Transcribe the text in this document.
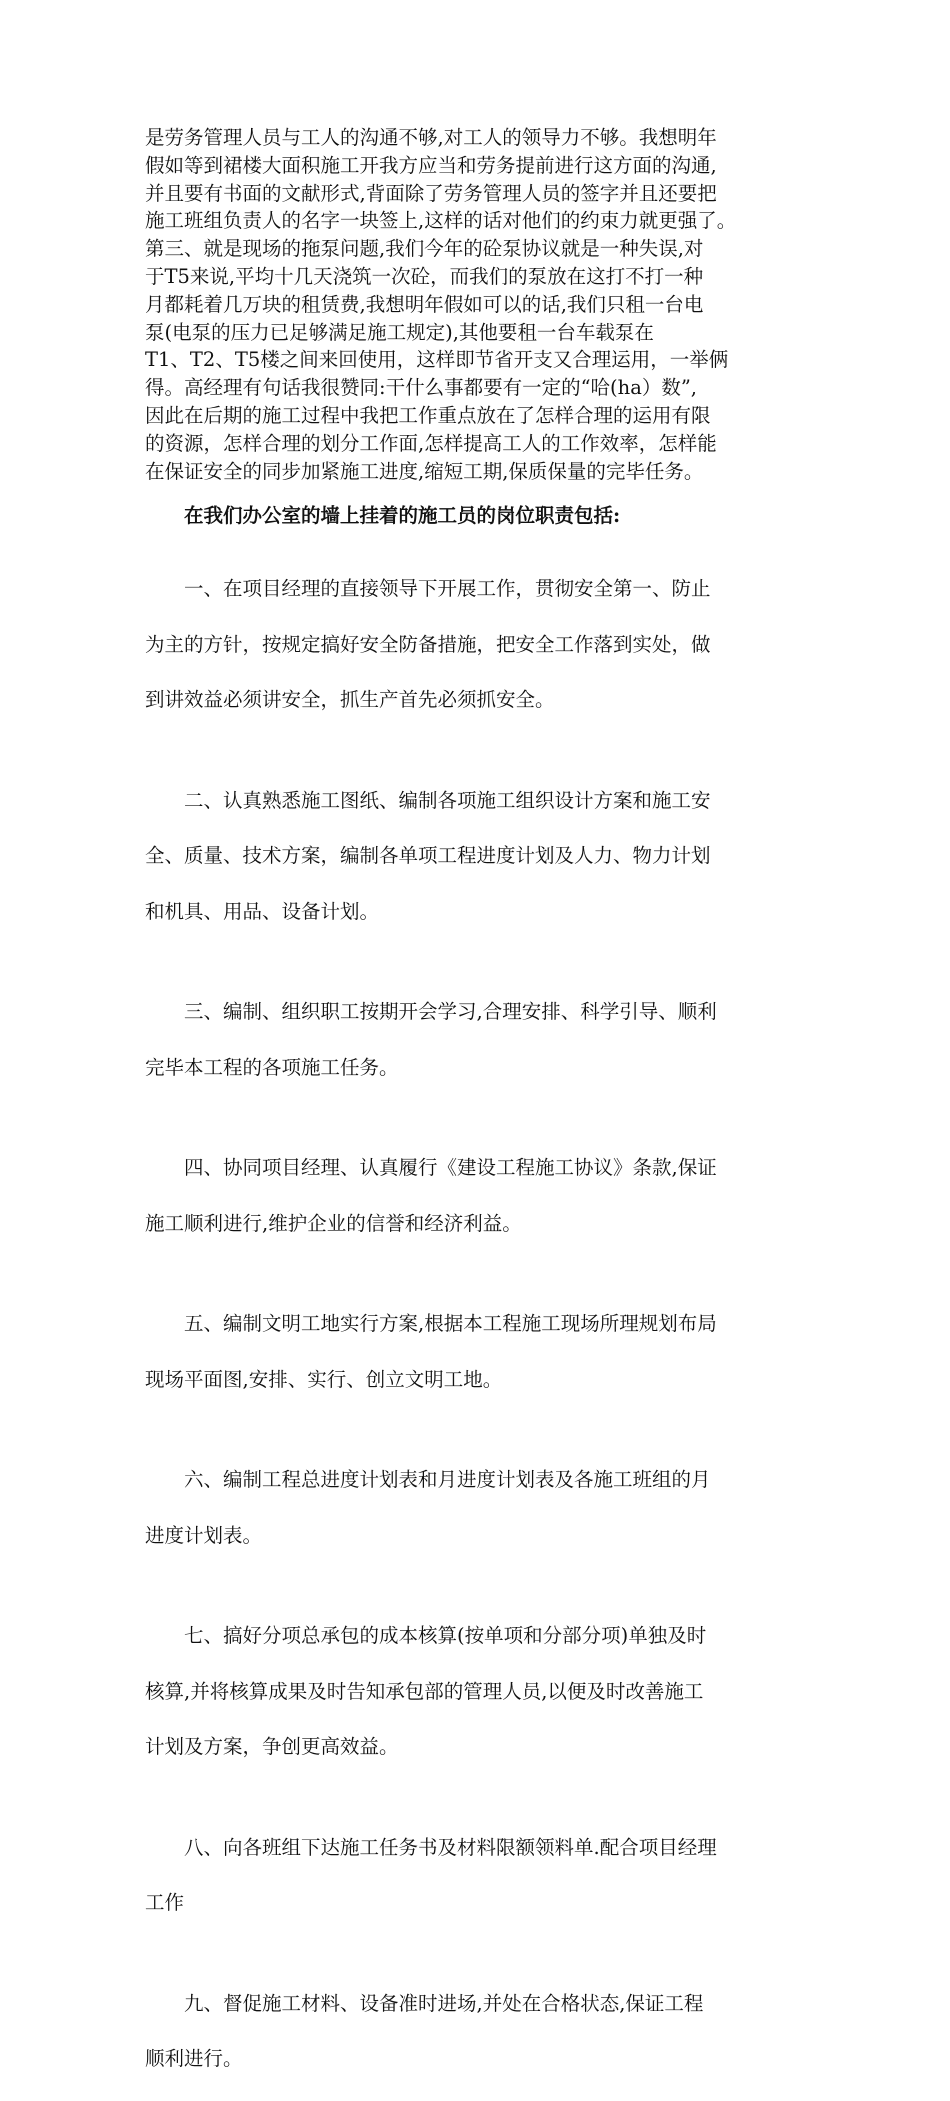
是劳务管理人员与工人的沟通不够,对工人的领导力不够。我想明年
假如等到裙楼大面积施工开我方应当和劳务提前进行这方面的沟通,
并且要有书面的文献形式,背面除了劳务管理人员的签字并且还要把
施工班组负责人的名字一块签上,这样的话对他们的约束力就更强了。
第三、就是现场的拖泵问题,我们今年的砼泵协议就是一种失误,对
于T5来说,平均十几天浇筑一次砼，而我们的泵放在这打不打一种
月都耗着几万块的租赁费,我想明年假如可以的话,我们只租一台电
泵(电泵的压力已足够满足施工规定),其他要租一台车载泵在
T1、T2、T5楼之间来回使用，这样即节省开支又合理运用，一举俩
得。高经理有句话我很赞同:干什么事都要有一定的“哈(ha）数”,
因此在后期的施工过程中我把工作重点放在了怎样合理的运用有限
的资源，怎样合理的划分工作面,怎样提高工人的工作效率，怎样能
在保证安全的同步加紧施工进度,缩短工期,保质保量的完毕任务。
在我们办公室的墙上挂着的施工员的岗位职责包括:

一、在项目经理的直接领导下开展工作，贯彻安全第一、防止

为主的方针，按规定搞好安全防备措施，把安全工作落到实处，做

到讲效益必须讲安全，抓生产首先必须抓安全。

二、认真熟悉施工图纸、编制各项施工组织设计方案和施工安

全、质量、技术方案，编制各单项工程进度计划及人力、物力计划

和机具、用品、设备计划。

三、编制、组织职工按期开会学习,合理安排、科学引导、顺利

完毕本工程的各项施工任务。

四、协同项目经理、认真履行《建设工程施工协议》条款,保证

施工顺利进行,维护企业的信誉和经济利益。

五、编制文明工地实行方案,根据本工程施工现场所理规划布局

现场平面图,安排、实行、创立文明工地。

六、编制工程总进度计划表和月进度计划表及各施工班组的月

进度计划表。

七、搞好分项总承包的成本核算(按单项和分部分项)单独及时

核算,并将核算成果及时告知承包部的管理人员,以便及时改善施工

计划及方案，争创更高效益。

八、向各班组下达施工任务书及材料限额领料单.配合项目经理

工作

九、督促施工材料、设备准时进场,并处在合格状态,保证工程

顺利进行。
